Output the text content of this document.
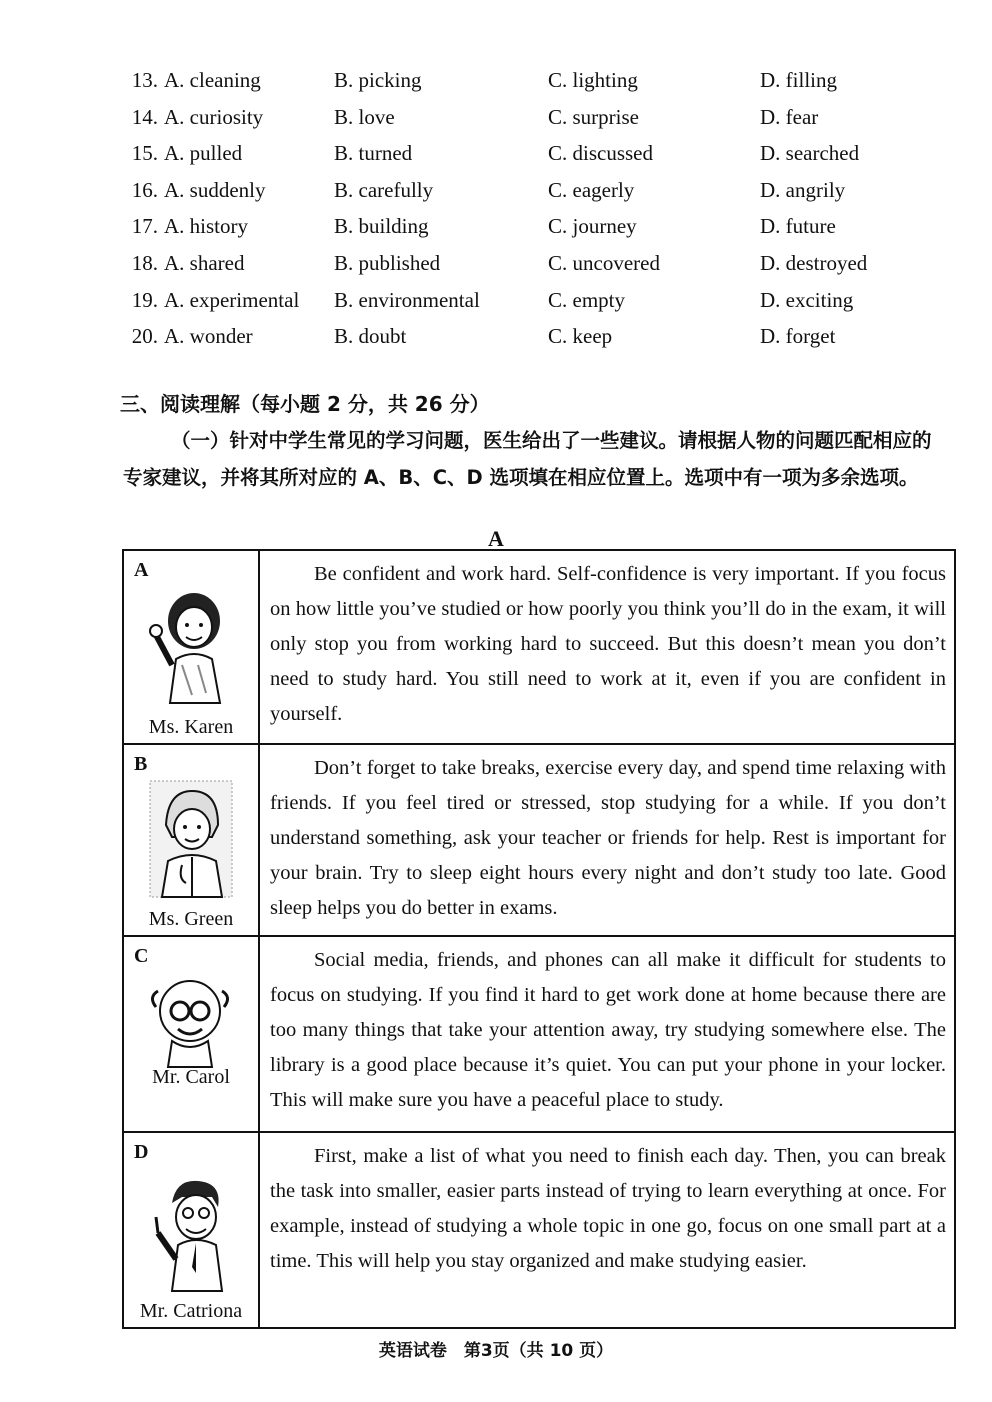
13. A. cleaning	B. picking	C. lighting	D. filling
14. A. curiosity	B. love	C. surprise	D. fear
15. A. pulled	B. turned	C. discussed	D. searched
16. A. suddenly	B. carefully	C. eagerly	D. angrily
17. A. history	B. building	C. journey	D. future
18. A. shared	B. published	C. uncovered	D. destroyed
19. A. experimental B. environmental	C. empty	D. exciting
20. A. wonder	B. doubt	C. keep	D. forget
三、阅读理解（每小题 2 分，共 26 分）
（一）针对中学生常见的学习问题，医生给出了一些建议。请根据人物的问题匹配相应的专家建议，并将其所对应的 A、B、C、D 选项填在相应位置上。选项中有一项为多余选项。
A
A
Ms. Karen	Be confident and work hard. Self-confidence is very important. If you focus on how little you’ve studied or how poorly you think you’ll do in the exam, it will only stop you from working hard to succeed. But this doesn’t mean you don’t need to study hard. You still need to work at it, even if you are confident in yourself.

B
Ms. Green	Don’t forget to take breaks, exercise every day, and spend time relaxing with friends. If you feel tired or stressed, stop studying for a while. If you don’t understand something, ask your teacher or friends for help. Rest is important for your brain. Try to sleep eight hours every night and don’t study too late. Good sleep helps you do better in exams.

C
Mr. Carol	Social media, friends, and phones can all make it difficult for students to focus on studying. If you find it hard to get work done at home because there are too many things that take your attention away, try studying somewhere else. The library is a good place because it’s quiet. You can put your phone in your locker. This will make sure you have a peaceful place to study.

D
Mr. Catriona	First, make a list of what you need to finish each day. Then, you can break the task into smaller, easier parts instead of trying to learn everything at once. For example, instead of studying a whole topic in one go, focus on one small part at a time. This will help you stay organized and make studying easier.

英语试卷　第3页（共 10 页）
